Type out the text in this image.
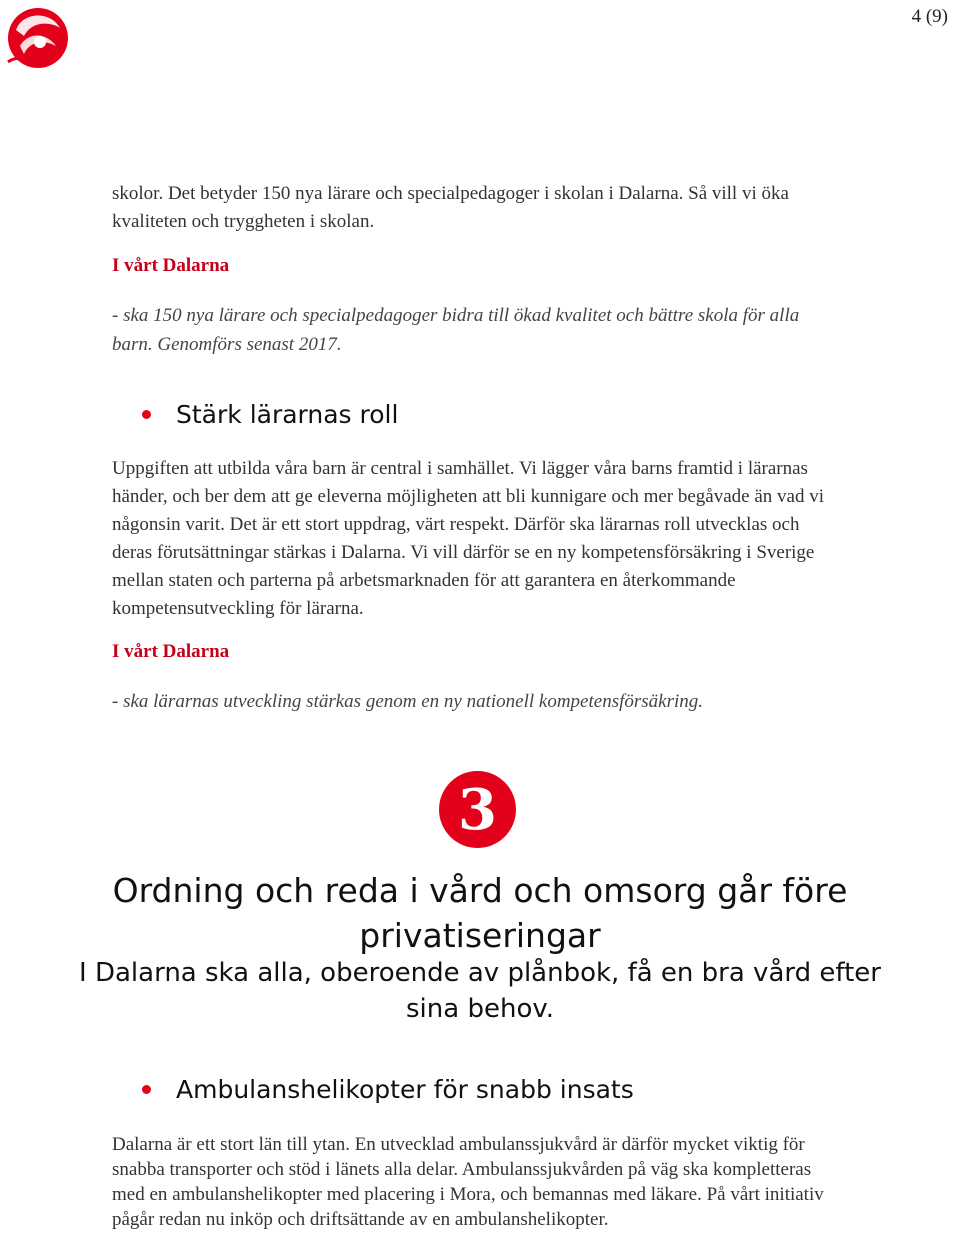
4 (9)

skolor. Det betyder 150 nya lärare och specialpedagoger i skolan i Dalarna. Så vill vi öka kvaliteten och tryggheten i skolan.

I vårt Dalarna

- ska 150 nya lärare och specialpedagoger bidra till ökad kvalitet och bättre skola för alla barn. Genomförs senast 2017.

Stärk lärarnas roll

Uppgiften att utbilda våra barn är central i samhället. Vi lägger våra barns framtid i lärarnas händer, och ber dem att ge eleverna möjligheten att bli kunnigare och mer begåvade än vad vi någonsin varit. Det är ett stort uppdrag, värt respekt. Därför ska lärarnas roll utvecklas och deras förutsättningar stärkas i Dalarna. Vi vill därför se en ny kompetensförsäkring i Sverige mellan staten och parterna på arbetsmarknaden för att garantera en återkommande kompetensutveckling för lärarna.

I vårt Dalarna

- ska lärarnas utveckling stärkas genom en ny nationell kompetensförsäkring.

3

Ordning och reda i vård och omsorg går före privatiseringar

I Dalarna ska alla, oberoende av plånbok, få en bra vård efter sina behov.

Ambulanshelikopter för snabb insats

Dalarna är ett stort län till ytan. En utvecklad ambulanssjukvård är därför mycket viktig för snabba transporter och stöd i länets alla delar. Ambulanssjukvården på väg ska kompletteras med en ambulanshelikopter med placering i Mora, och bemannas med läkare. På vårt initiativ pågår redan nu inköp och driftsättande av en ambulanshelikopter.
